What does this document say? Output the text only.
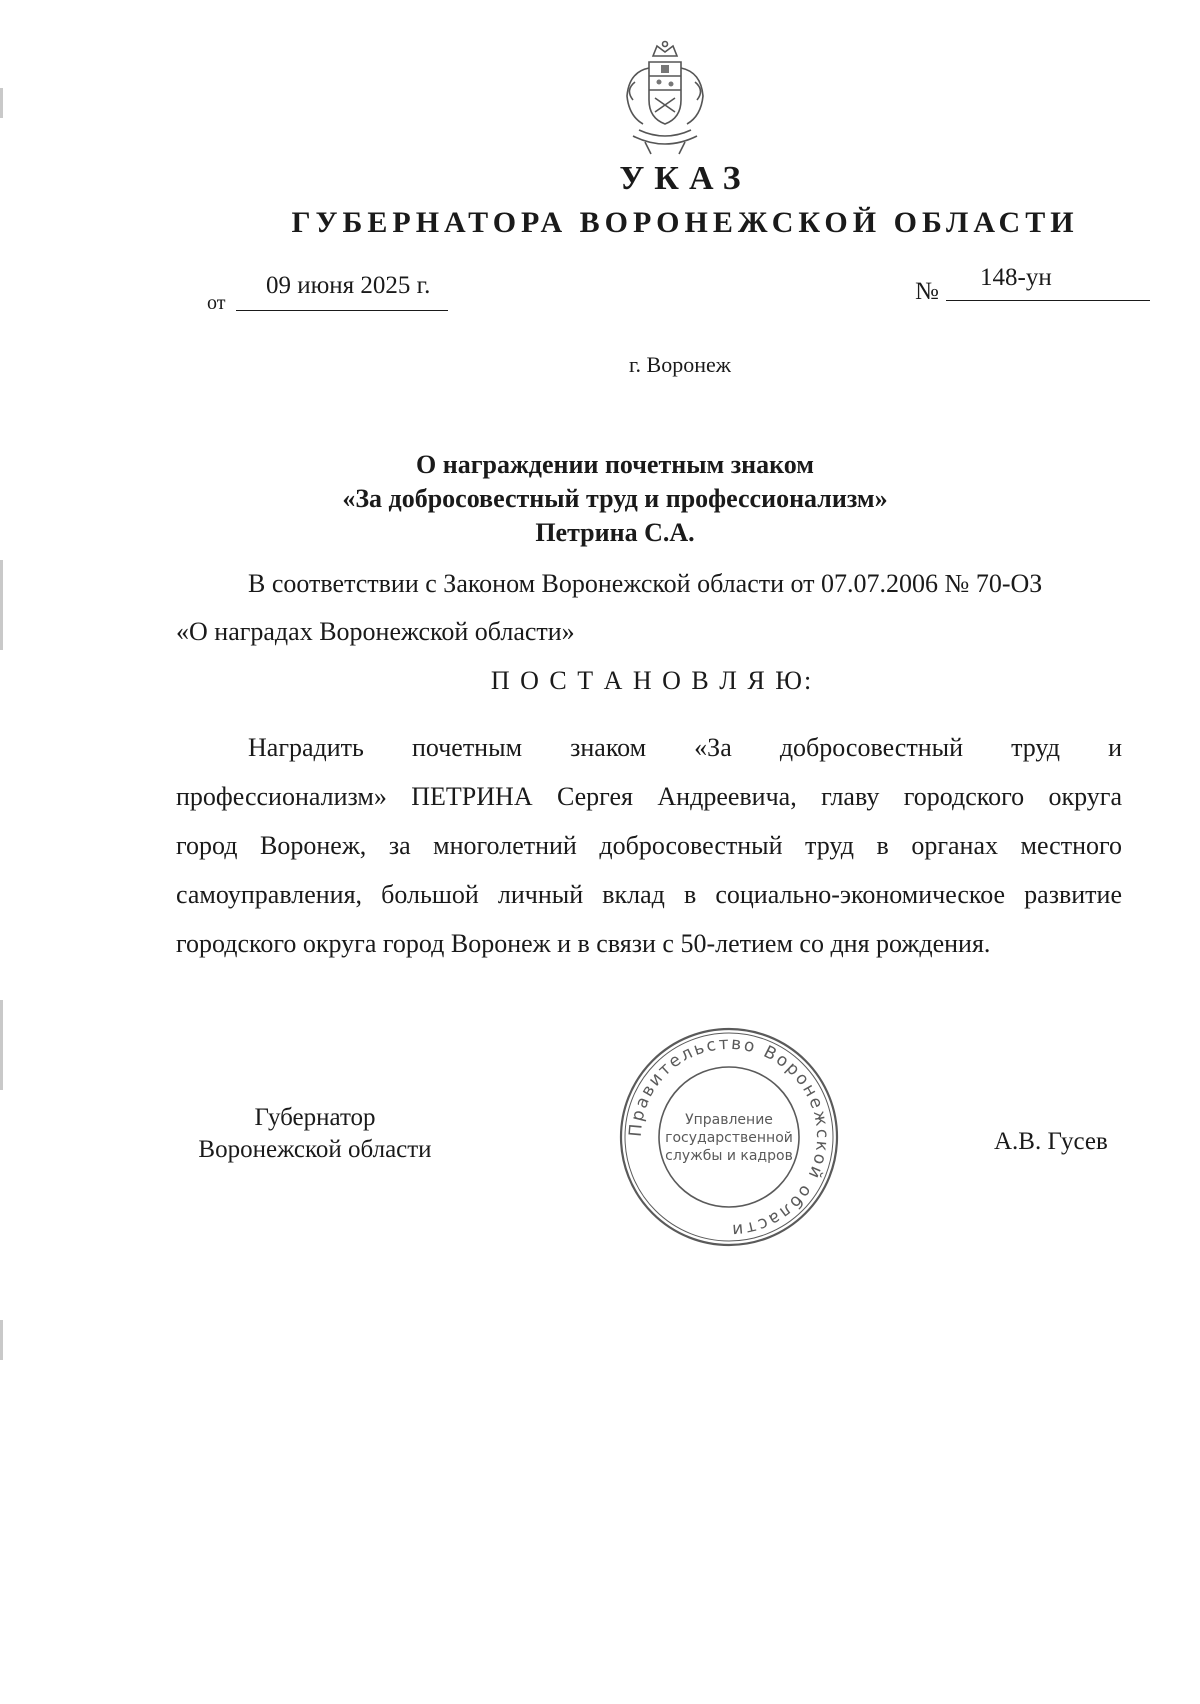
УКАЗ
ГУБЕРНАТОРА ВОРОНЕЖСКОЙ ОБЛАСТИ
от
09 июня 2025 г.	№
148-ун
г. Воронеж
О награждении почетным знаком
«За добросовестный труд и профессионализм»
Петрина С.А.
В соответствии с Законом Воронежской области от 07.07.2006 № 70-ОЗ
«О наградах Воронежской области»
П О С Т А Н О В Л Я Ю:
Наградить почетным знаком «За добросовестный труд и
профессионализм» ПЕТРИНА Сергея Андреевича, главу городского округа
город Воронеж, за многолетний добросовестный труд в органах местного
самоуправления, большой личный вклад в социально-экономическое развитие
городского округа город Воронеж и в связи с 50-летием со дня рождения.
Губернатор
Воронежской области	А.В. Гусев
Правительство Воронежской области
Управление
государственной
службы и кадров
